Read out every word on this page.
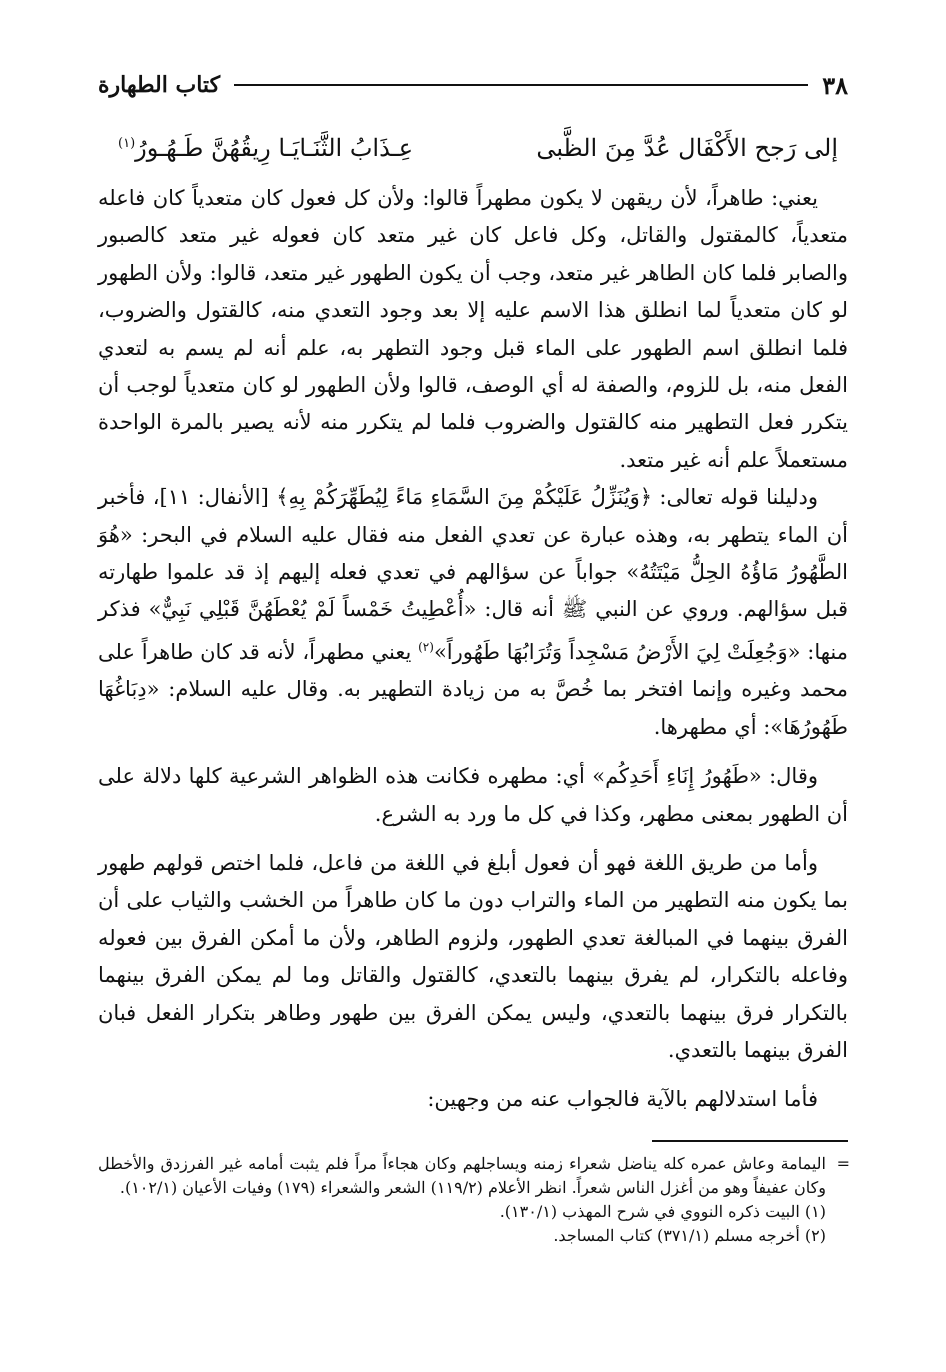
٣٨
كتاب الطهارة
إلى رَجح الأَكْفَال عُدَّ مِنَ الظَّبى
عِـذَابُ الثَّنَـايَـا رِيقُهُنَّ طَـهُـورُ$^{(١)}$

يعني: طاهراً، لأن ريقهن لا يكون مطهراً قالوا: ولأن كل فعول كان متعدياً كان فاعله متعدياً، كالمقتول والقاتل، وكل فاعل كان غير متعد كان فعوله غير متعد كالصبور والصابر فلما كان الطاهر غير متعد، وجب أن يكون الطهور غير متعد، قالوا: ولأن الطهور لو كان متعدياً لما انطلق هذا الاسم عليه إلا بعد وجود التعدي منه، كالقتول والضروب، فلما انطلق اسم الطهور على الماء قبل وجود التطهر به، علم أنه لم يسم به لتعدي الفعل منه، بل للزوم، والصفة له أي الوصف، قالوا ولأن الطهور لو كان متعدياً لوجب أن يتكرر فعل التطهير منه كالقتول والضروب فلما لم يتكرر منه لأنه يصير بالمرة الواحدة مستعملاً علم أنه غير متعد.

ودليلنا قوله تعالى: ﴿وَيُنَزِّلُ عَلَيْكُمْ مِنَ السَّمَاءِ مَاءً لِيُطَهِّرَكُمْ بِهِ﴾ [الأنفال: ١١]، فأخبر أن الماء يتطهر به، وهذه عبارة عن تعدي الفعل منه فقال عليه السلام في البحر: «هُوَ الطَّهُورُ مَاؤُهُ الحِلُّ مَيْتَتُهُ» جواباً عن سؤالهم في تعدي فعله إليهم إذ قد علموا طهارته قبل سؤالهم. وروي عن النبي ﷺ أنه قال: «أُعْطِيتُ خَمْساً لَمْ يُعْطَهُنَّ قَبْلِي نَبِيٌّ» فذكر منها: «وَجُعِلَتْ لِيَ الأَرْضُ مَسْجِداً وَتُرَابُهَا طَهُوراً»$^{(٢)}$ يعني مطهراً، لأنه قد كان طاهراً على محمد وغيره وإنما افتخر بما خُصَّ به من زيادة التطهير به. وقال عليه السلام: «دِبَاغُهَا طَهُورُهَا»: أي مطهرها.

وقال: «طَهُورُ إِنَاءِ أَحَدِكُم» أي: مطهره فكانت هذه الظواهر الشرعية كلها دلالة على أن الطهور بمعنى مطهر، وكذا في كل ما ورد به الشرع.

وأما من طريق اللغة فهو أن فعول أبلغ في اللغة من فاعل، فلما اختص قولهم طهور بما يكون منه التطهير من الماء والتراب دون ما كان طاهراً من الخشب والثياب على أن الفرق بينهما في المبالغة تعدي الطهور، ولزوم الطاهر، ولأن ما أمكن الفرق بين فعوله وفاعله بالتكرار، لم يفرق بينهما بالتعدي، كالقتول والقاتل وما لم يمكن الفرق بينهما بالتكرار فرق بينهما بالتعدي، وليس يمكن الفرق بين طهور وطاهر بتكرار الفعل فبان الفرق بينهما بالتعدي.

فأما استدلالهم بالآية فالجواب عنه من وجهين:

=
اليمامة وعاش عمره كله يناضل شعراء زمنه ويساجلهم وكان هجاءاً مراً فلم يثبت أمامه غير الفرزدق والأخطل وكان عفيفاً وهو من أغزل الناس شعراً. انظر الأعلام (١١٩/٢) الشعر والشعراء (١٧٩) وفيات الأعيان (١٠٢/١).

(١) البيت ذكره النووي في شرح المهذب (١٣٠/١).

(٢) أخرجه مسلم (٣٧١/١) كتاب المساجد.
